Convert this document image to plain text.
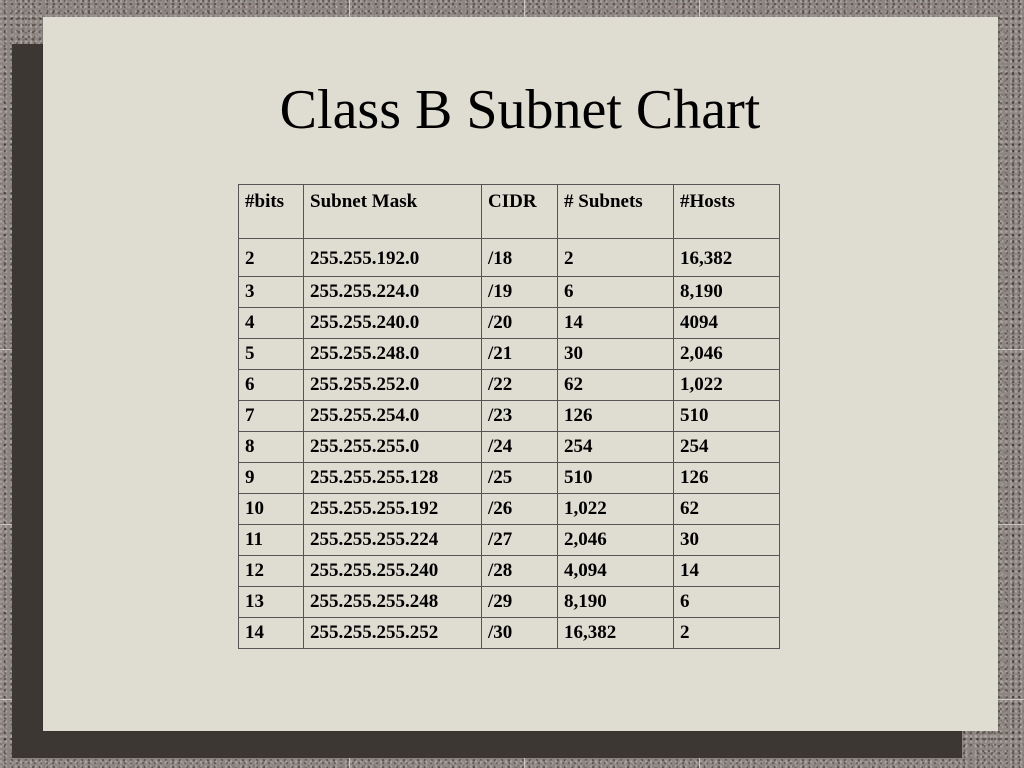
Class B Subnet Chart
#bits	Subnet Mask	CIDR	# Subnets	#Hosts
2	255.255.192.0	/18	2	16,382
3	255.255.224.0	/19	6	8,190
4	255.255.240.0	/20	14	4094
5	255.255.248.0	/21	30	2,046
6	255.255.252.0	/22	62	1,022
7	255.255.254.0	/23	126	510
8	255.255.255.0	/24	254	254
9	255.255.255.128	/25	510	126
10	255.255.255.192	/26	1,022	62
11	255.255.255.224	/27	2,046	30
12	255.255.255.240	/28	4,094	14
13	255.255.255.248	/29	8,190	6
14	255.255.255.252	/30	16,382	2
